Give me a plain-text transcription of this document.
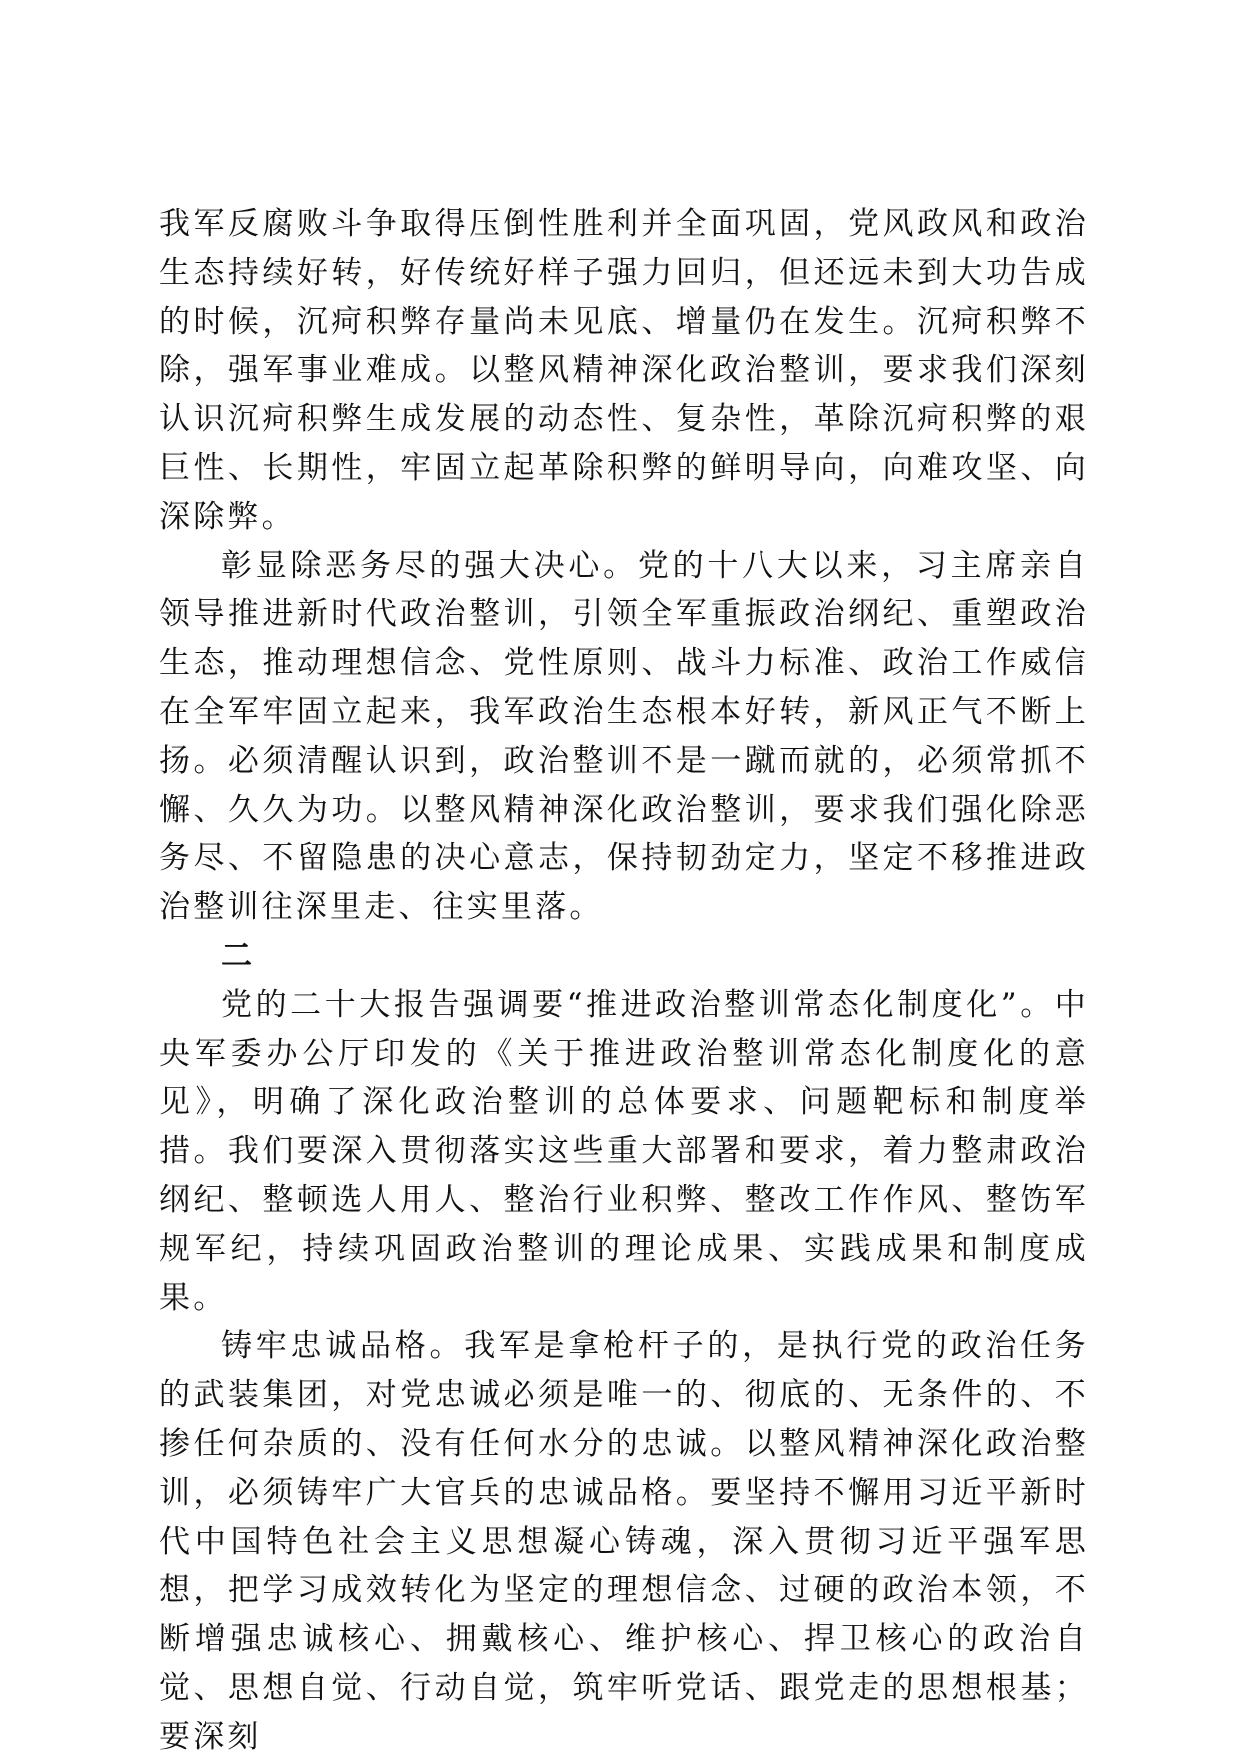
我军反腐败斗争取得压倒性胜利并全面巩固，党风政风和政治生态持续好转，好传统好样子强力回归，但还远未到大功告成的时候，沉疴积弊存量尚未见底、增量仍在发生。沉疴积弊不除，强军事业难成。以整风精神深化政治整训，要求我们深刻认识沉疴积弊生成发展的动态性、复杂性，革除沉疴积弊的艰巨性、长期性，牢固立起革除积弊的鲜明导向，向难攻坚、向深除弊。

彰显除恶务尽的强大决心。党的十八大以来，习主席亲自领导推进新时代政治整训，引领全军重振政治纲纪、重塑政治生态，推动理想信念、党性原则、战斗力标准、政治工作威信在全军牢固立起来，我军政治生态根本好转，新风正气不断上扬。必须清醒认识到，政治整训不是一蹴而就的，必须常抓不懈、久久为功。以整风精神深化政治整训，要求我们强化除恶务尽、不留隐患的决心意志，保持韧劲定力，坚定不移推进政治整训往深里走、往实里落。

二

党的二十大报告强调要“推进政治整训常态化制度化”。中央军委办公厅印发的《关于推进政治整训常态化制度化的意见》，明确了深化政治整训的总体要求、问题靶标和制度举措。我们要深入贯彻落实这些重大部署和要求，着力整肃政治纲纪、整顿选人用人、整治行业积弊、整改工作作风、整饬军规军纪，持续巩固政治整训的理论成果、实践成果和制度成果。

铸牢忠诚品格。我军是拿枪杆子的，是执行党的政治任务的武装集团，对党忠诚必须是唯一的、彻底的、无条件的、不掺任何杂质的、没有任何水分的忠诚。以整风精神深化政治整训，必须铸牢广大官兵的忠诚品格。要坚持不懈用习近平新时代中国特色社会主义思想凝心铸魂，深入贯彻习近平强军思想，把学习成效转化为坚定的理想信念、过硬的政治本领，不断增强忠诚核心、拥戴核心、维护核心、捍卫核心的政治自觉、思想自觉、行动自觉，筑牢听党话、跟党走的思想根基；要深刻
